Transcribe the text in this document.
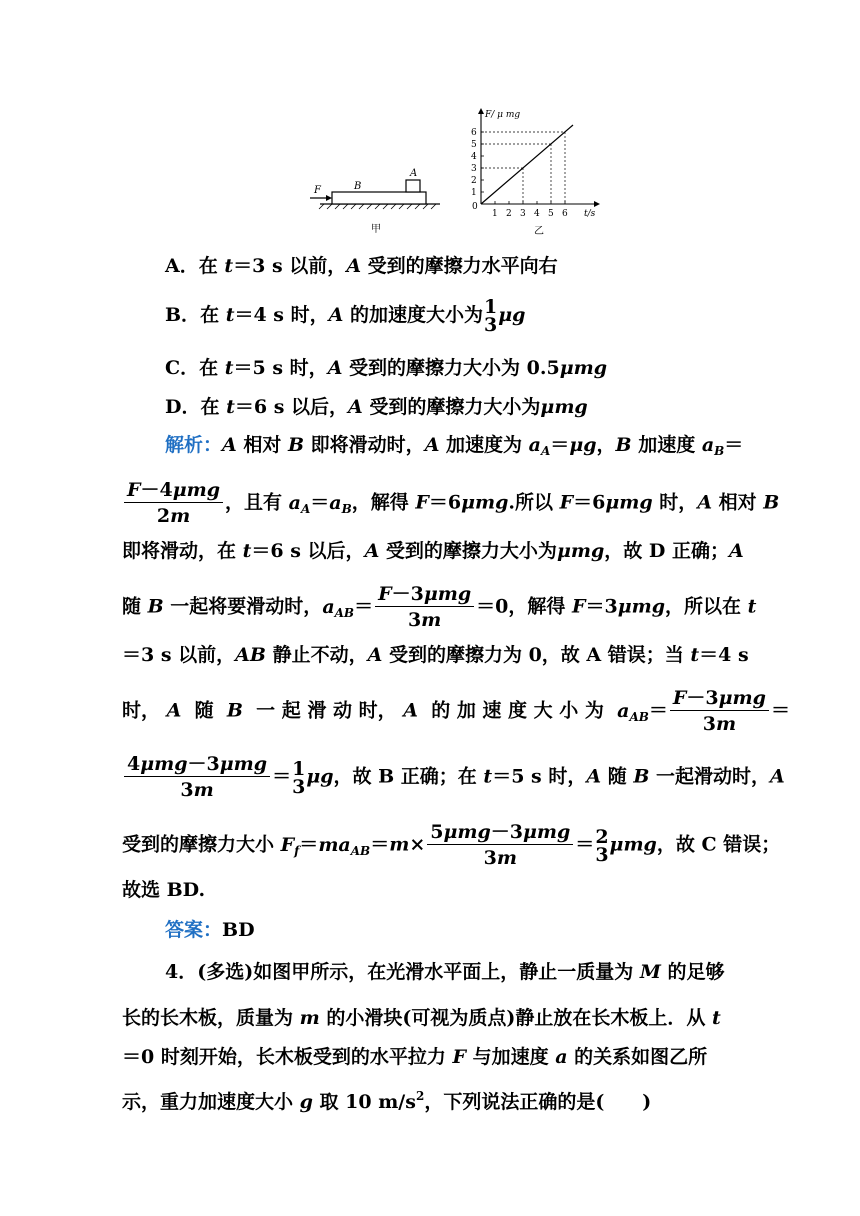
F	B
A
甲
F/ μ mg
t/s
0
乙
1 2 3 4 5 6
1
2
3
4
5
6
A．在 t＝3 s 以前，A 受到的摩擦力水平向右
B．在 t＝4 s 时，A 的加速度大小为 1
3 μg
C．在 t＝5 s 时，A 受到的摩擦力大小为 0.5μmg
D．在 t＝6 s 以后，A 受到的摩擦力大小为μmg
解析：A 相对 B 即将滑动时，A 加速度为 $a_A=\mu g$，B 加速度 $a_B=$
$\frac{\text{F－4μmg}}{2m}$ ，且有 $a_A=a_B$，解得 F＝6μmg.所以 F＝6μmg 时，A 相对 B
即将滑动，在 t＝6 s 以后，A 受到的摩擦力大小为μmg，故 D 正确；A
随 B 一起将要滑动时，$a_{AB}= \frac{\text{F－3μmg}}{3m} =0$，解得 F＝3μmg，所以在 t
＝3 s 以前，AB 静止不动，A 受到的摩擦力为 0，故 A 错误；当 t＝4 s
时， A  随  B  一 起 滑 动 时， A  的 加 速 度 大 小 为  $a_{AB}= \frac{\text{F－3μmg}}{3m}$ ＝
$\frac{\text{4μmg－3μmg}}{3m} = 1$
3 μg，故 B 正确；在 t＝5 s 时，A 随 B 一起滑动时，A
受到的摩擦力大小 $F_f=ma_{AB}=m\times \frac{\text{5μmg－3μmg}}{3m} = 2$
3 μmg，故 C 错误；
故选 BD.
答案：BD
4．(多选)如图甲所示，在光滑水平面上，静止一质量为 M 的足够
长的长木板，质量为 m 的小滑块(可视为质点)静止放在长木板上．从 t
＝0 时刻开始，长木板受到的水平拉力 F 与加速度 a 的关系如图乙所
示，重力加速度大小 g 取 10 $m/s^2$，下列说法正确的是(　　)
